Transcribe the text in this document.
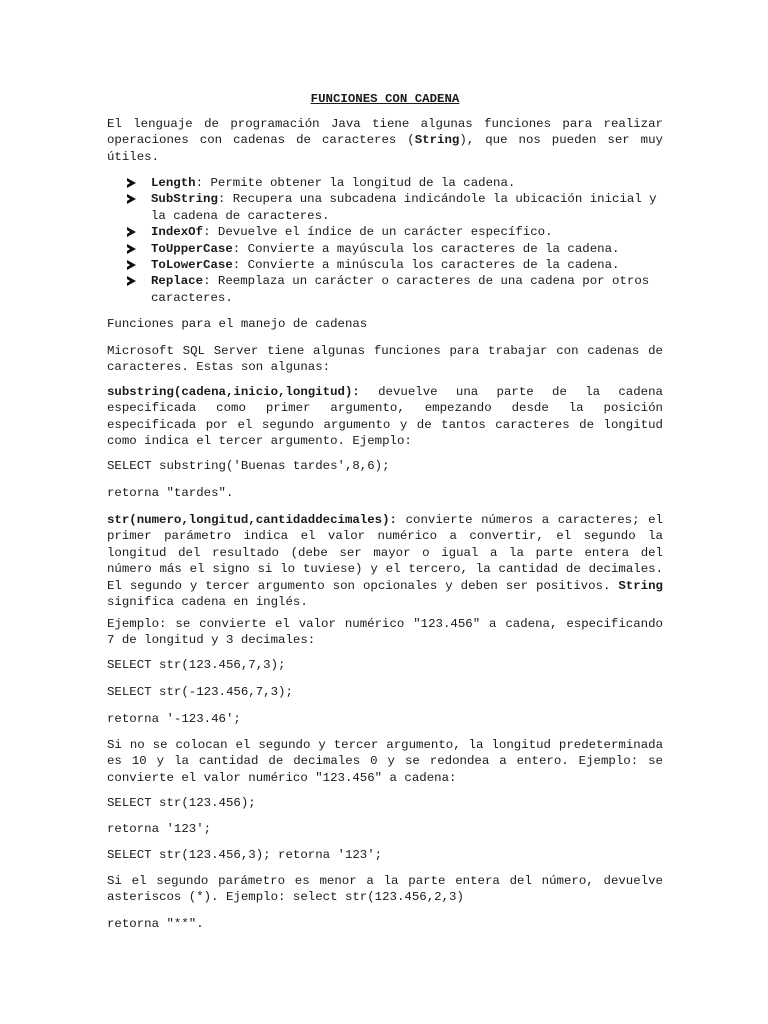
FUNCIONES CON CADENA

El lenguaje de programación Java tiene algunas funciones para realizar operaciones con cadenas de caracteres (String), que nos pueden ser muy útiles.

Length: Permite obtener la longitud de la cadena.
SubString: Recupera una subcadena indicándole la ubicación inicial y la cadena de caracteres.
IndexOf: Devuelve el índice de un carácter específico.
ToUpperCase: Convierte a mayúscula los caracteres de la cadena.
ToLowerCase: Convierte a minúscula los caracteres de la cadena.
Replace: Reemplaza un carácter o caracteres de una cadena por otros caracteres.

Funciones para el manejo de cadenas

Microsoft SQL Server tiene algunas funciones para trabajar con cadenas de caracteres. Estas son algunas:

substring(cadena,inicio,longitud): devuelve una parte de la cadena especificada como primer argumento, empezando desde la posición especificada por el segundo argumento y de tantos caracteres de longitud como indica el tercer argumento. Ejemplo:

SELECT substring('Buenas tardes',8,6);

retorna "tardes".

str(numero,longitud,cantidaddecimales): convierte números a caracteres; el primer parámetro indica el valor numérico a convertir, el segundo la longitud del resultado (debe ser mayor o igual a la parte entera del número más el signo si lo tuviese) y el tercero, la cantidad de decimales. El segundo y tercer argumento son opcionales y deben ser positivos. String significa cadena en inglés.

Ejemplo: se convierte el valor numérico "123.456" a cadena, especificando 7 de longitud y 3 decimales:

SELECT str(123.456,7,3);

SELECT str(-123.456,7,3);

retorna '-123.46';

Si no se colocan el segundo y tercer argumento, la longitud predeterminada es 10 y la cantidad de decimales 0 y se redondea a entero. Ejemplo: se convierte el valor numérico "123.456" a cadena:

SELECT str(123.456);

retorna '123';

SELECT str(123.456,3); retorna '123';

Si el segundo parámetro es menor a la parte entera del número, devuelve asteriscos (*). Ejemplo: select str(123.456,2,3)

retorna "**".
